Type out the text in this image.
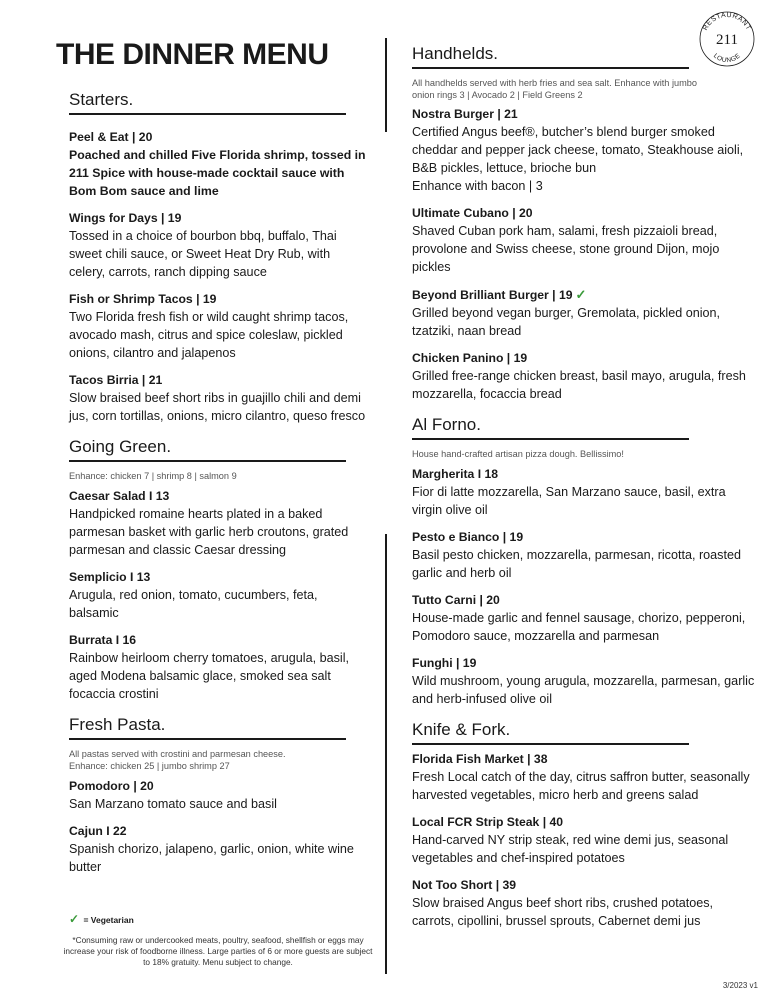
THE DINNER MENU
RESTAURANT
211
LOUNGE
Starters.
Peel & Eat | 20
Poached and chilled Five Florida shrimp, tossed in 211 Spice with house-made cocktail sauce with Bom Bom sauce and lime
Wings for Days | 19
Tossed in a choice of bourbon bbq, buffalo, Thai sweet chili sauce, or Sweet Heat Dry Rub, with celery, carrots, ranch dipping sauce
Fish or Shrimp Tacos | 19
Two Florida fresh fish or wild caught shrimp tacos, avocado mash, citrus and spice coleslaw, pickled onions, cilantro and jalapenos
Tacos Birria | 21
Slow braised beef short ribs in guajillo chili and demi jus, corn tortillas, onions, micro cilantro, queso fresco
Going Green.
Enhance: chicken 7 | shrimp 8 | salmon 9
Caesar Salad I 13
Handpicked romaine hearts plated in a baked parmesan basket with garlic herb croutons, grated parmesan and classic Caesar dressing
Semplicio I 13
Arugula, red onion, tomato, cucumbers, feta, balsamic
Burrata I 16
Rainbow heirloom cherry tomatoes, arugula, basil, aged Modena balsamic glace, smoked sea salt focaccia crostini
Fresh Pasta.
All pastas served with crostini and parmesan cheese.
Enhance: chicken 25 | jumbo shrimp 27
Pomodoro | 20
San Marzano tomato sauce and basil
Cajun I 22
Spanish chorizo, jalapeno, garlic, onion, white wine butter
✓ = Vegetarian
*Consuming raw or undercooked meats, poultry, seafood, shellfish or eggs may increase your risk of foodborne illness. Large parties of 6 or more guests are subject to 18% gratuity. Menu subject to change.
Handhelds.
All handhelds served with herb fries and sea salt. Enhance with jumbo onion rings 3 | Avocado 2 | Field Greens 2
Nostra Burger | 21
Certified Angus beef®, butcher’s blend burger smoked cheddar and pepper jack cheese, tomato, Steakhouse aioli, B&B pickles, lettuce, brioche bun
Enhance with bacon | 3
Ultimate Cubano | 20
Shaved Cuban pork ham, salami, fresh pizzaioli bread, provolone and Swiss cheese, stone ground Dijon, mojo pickles
Beyond Brilliant Burger | 19 ✓
Grilled beyond vegan burger, Gremolata, pickled onion, tzatziki, naan bread
Chicken Panino | 19
Grilled free-range chicken breast, basil mayo, arugula, fresh mozzarella, focaccia bread
Al Forno.
House hand-crafted artisan pizza dough. Bellissimo!
Margherita I 18
Fior di latte mozzarella, San Marzano sauce, basil, extra virgin olive oil
Pesto e Bianco | 19
Basil pesto chicken, mozzarella, parmesan, ricotta, roasted garlic and herb oil
Tutto Carni | 20
House-made garlic and fennel sausage, chorizo, pepperoni, Pomodoro sauce, mozzarella and parmesan
Funghi | 19
Wild mushroom, young arugula, mozzarella, parmesan, garlic and herb-infused olive oil
Knife & Fork.
Florida Fish Market | 38
Fresh Local catch of the day, citrus saffron butter, seasonally harvested vegetables, micro herb and greens salad
Local FCR Strip Steak | 40
Hand-carved NY strip steak, red wine demi jus, seasonal vegetables and chef-inspired potatoes
Not Too Short | 39
Slow braised Angus beef short ribs, crushed potatoes, carrots, cipollini, brussel sprouts, Cabernet demi jus
3/2023 v1
